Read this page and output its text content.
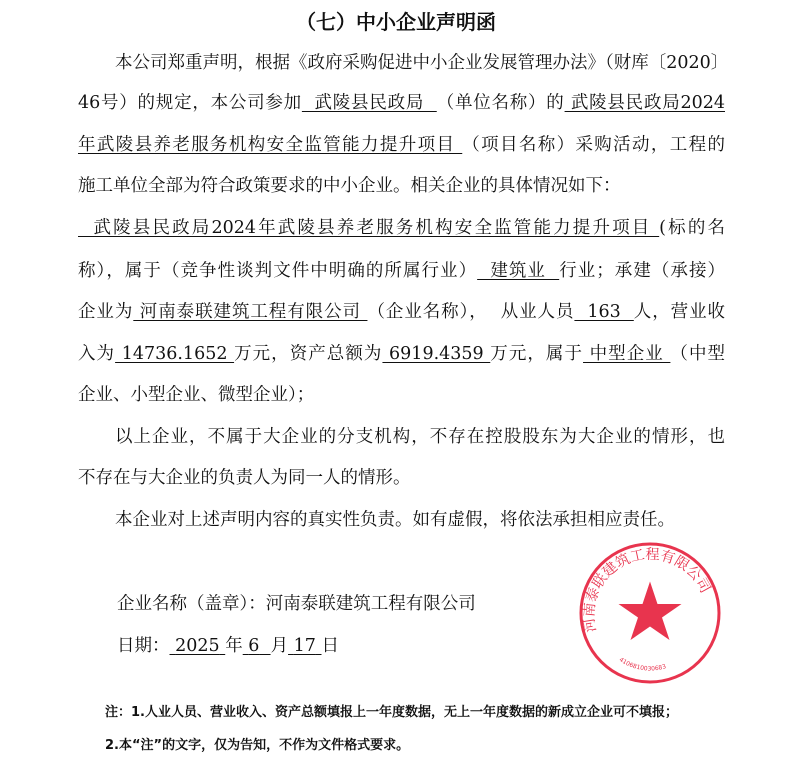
（七）中小企业声明函
本公司郑重声明，根据《政府采购促进中小企业发展管理办法》（财库〔2020〕
46号）的规定，本公司参加  武陵县民政局  （单位名称）的 武陵县民政局2024
年武陵县养老服务机构安全监管能力提升项目 （项目名称）采购活动，工程的
施工单位全部为符合政策要求的中小企业。相关企业的具体情况如下：
武陵县民政局2024年武陵县养老服务机构安全监管能力提升项目 (标的名
称），属于（竞争性谈判文件中明确的所属行业）  建筑业  行业；承建（承接）
企业为 河南泰联建筑工程有限公司 （企业名称），  从业人员  163  人，营业收
入为 14736.1652 万元，资产总额为 6919.4359 万元，属于 中型企业 （中型
企业、小型企业、微型企业）；
以上企业，不属于大企业的分支机构，不存在控股股东为大企业的情形，也
不存在与大企业的负责人为同一人的情形。
本企业对上述声明内容的真实性负责。如有虚假，将依法承担相应责任。
企业名称（盖章）：河南泰联建筑工程有限公司
日期： 2025 年 6 月 17 日
河南泰联建筑工程有限公司
4106810030683
注：1.人业人员、营业收入、资产总额填报上一年度数据，无上一年度数据的新成立企业可不填报；
2.本“注”的文字，仅为告知，不作为文件格式要求。
